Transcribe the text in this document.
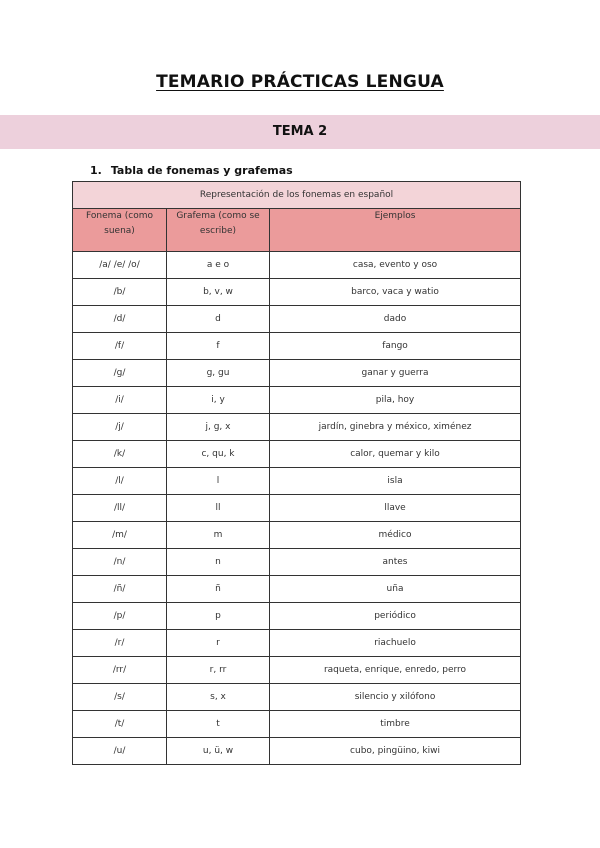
TEMARIO PRÁCTICAS LENGUA
TEMA 2
1. Tabla de fonemas y grafemas
Representación de los fonemas en español		
Fonema (como suena)	Grafema (como se escribe)	Ejemplos
/a/ /e/ /o/	a e o	casa, evento y oso
/b/	b, v, w	barco, vaca y watio
/d/	d	dado
/f/	f	fango
/g/	g, gu	ganar y guerra
/i/	i, y	pila, hoy
/j/	j, g, x	jardín, ginebra y méxico, ximénez
/k/	c, qu, k	calor, quemar y kilo
/l/	l	isla
/ll/	ll	llave
/m/	m	médico
/n/	n	antes
/ñ/	ñ	uña
/p/	p	periódico
/r/	r	riachuelo
/rr/	r, rr	raqueta, enrique, enredo, perro
/s/	s, x	silencio y xilófono
/t/	t	timbre
/u/	u, ü, w	cubo, pingüino, kiwi
